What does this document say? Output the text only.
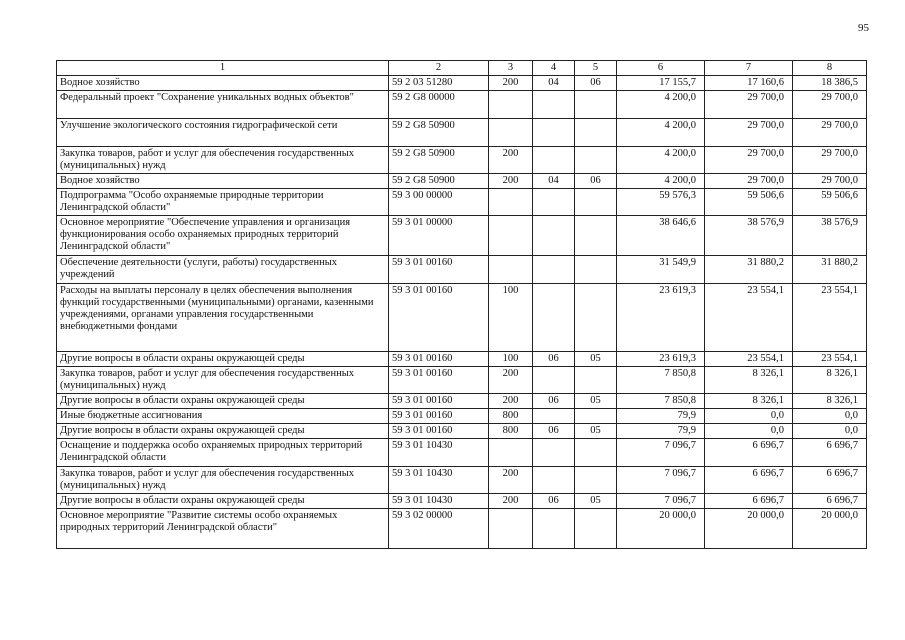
95
1	2	3	4	5	6	7	8
Водное хозяйство	59 2 03 51280	200	04	06	17 155,7	17 160,6	18 386,5
Федеральный проект "Сохранение уникальных водных объектов"	59 2 G8 00000				4 200,0	29 700,0	29 700,0
Улучшение экологического состояния гидрографической сети	59 2 G8 50900				4 200,0	29 700,0	29 700,0
Закупка товаров, работ и услуг для обеспечения государственных (муниципальных) нужд	59 2 G8 50900	200			4 200,0	29 700,0	29 700,0
Водное хозяйство	59 2 G8 50900	200	04	06	4 200,0	29 700,0	29 700,0
Подпрограмма "Особо охраняемые природные территории Ленинградской области"	59 3 00 00000				59 576,3	59 506,6	59 506,6
Основное мероприятие "Обеспечение управления и организация функционирования особо охраняемых природных территорий Ленинградской области"	59 3 01 00000				38 646,6	38 576,9	38 576,9
Обеспечение деятельности (услуги, работы) государственных учреждений	59 3 01 00160				31 549,9	31 880,2	31 880,2
Расходы на выплаты персоналу в целях обеспечения выполнения функций государственными (муниципальными) органами, казенными учреждениями, органами управления государственными внебюджетными фондами	59 3 01 00160	100			23 619,3	23 554,1	23 554,1
Другие вопросы в области охраны окружающей среды	59 3 01 00160	100	06	05	23 619,3	23 554,1	23 554,1
Закупка товаров, работ и услуг для обеспечения государственных (муниципальных) нужд	59 3 01 00160	200			7 850,8	8 326,1	8 326,1
Другие вопросы в области охраны окружающей среды	59 3 01 00160	200	06	05	7 850,8	8 326,1	8 326,1
Иные бюджетные ассигнования	59 3 01 00160	800			79,9	0,0	0,0
Другие вопросы в области охраны окружающей среды	59 3 01 00160	800	06	05	79,9	0,0	0,0
Оснащение и поддержка особо охраняемых природных территорий Ленинградской области	59 3 01 10430				7 096,7	6 696,7	6 696,7
Закупка товаров, работ и услуг для обеспечения государственных (муниципальных) нужд	59 3 01 10430	200			7 096,7	6 696,7	6 696,7
Другие вопросы в области охраны окружающей среды	59 3 01 10430	200	06	05	7 096,7	6 696,7	6 696,7
Основное мероприятие "Развитие системы особо охраняемых природных территорий Ленинградской области"	59 3 02 00000				20 000,0	20 000,0	20 000,0
